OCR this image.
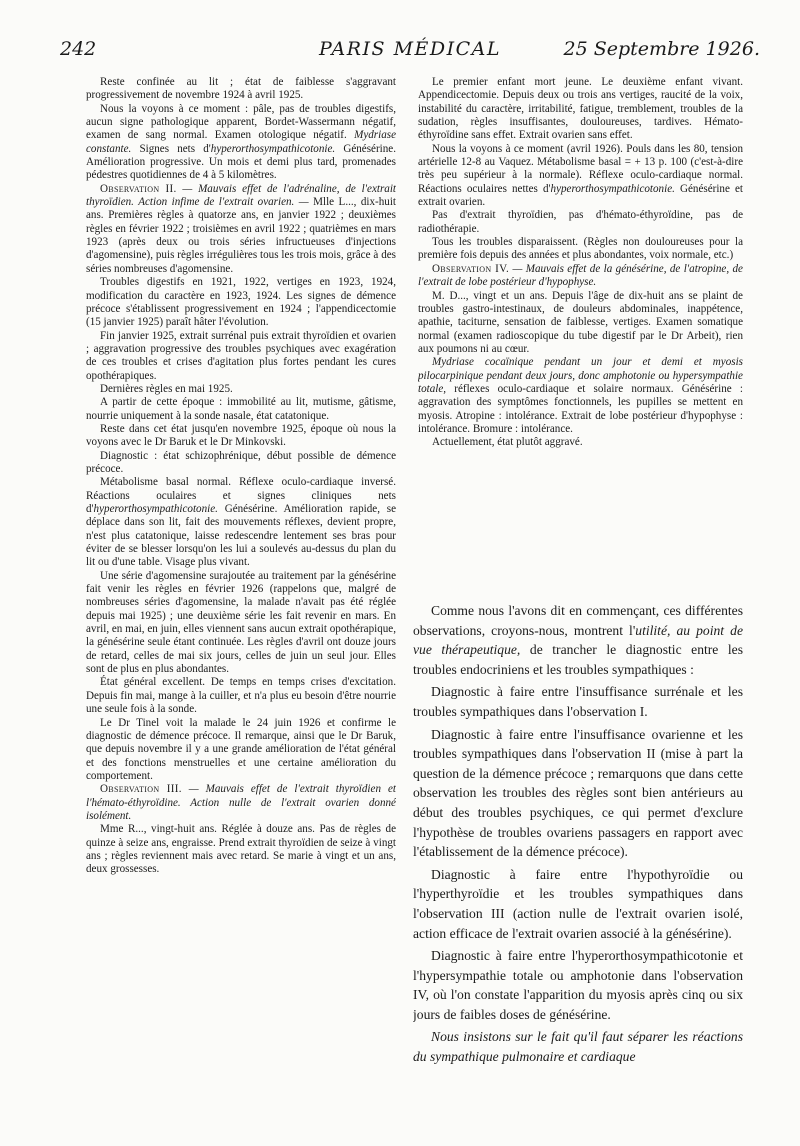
242	PARIS MÉDICAL	25 Septembre 1926.

Reste confinée au lit ; état de faiblesse s'aggravant progressivement de novembre 1924 à avril 1925.

Nous la voyons à ce moment : pâle, pas de troubles digestifs, aucun signe pathologique apparent, Bordet-Wassermann négatif, examen de sang normal. Examen otologique négatif. Mydriase constante. Signes nets d'hyperorthosympathicotonie. Génésérine. Amélioration progressive. Un mois et demi plus tard, promenades pédestres quotidiennes de 4 à 5 kilomètres.

Observation II. — Mauvais effet de l'adrénaline, de l'extrait thyroïdien. Action infime de l'extrait ovarien. — Mlle L..., dix-huit ans. Premières règles à quatorze ans, en janvier 1922 ; deuxièmes règles en février 1922 ; troisièmes en avril 1922 ; quatrièmes en mars 1923 (après deux ou trois séries infructueuses d'injections d'agomensine), puis règles irrégulières tous les trois mois, grâce à des séries nombreuses d'agomensine.

Troubles digestifs en 1921, 1922, vertiges en 1923, 1924, modification du caractère en 1923, 1924. Les signes de démence précoce s'établissent progressivement en 1924 ; l'appendicectomie (15 janvier 1925) paraît hâter l'évolution.

Fin janvier 1925, extrait surrénal puis extrait thyroïdien et ovarien ; aggravation progressive des troubles psychiques avec exagération de ces troubles et crises d'agitation plus fortes pendant les cures opothérapiques.

Dernières règles en mai 1925.

A partir de cette époque : immobilité au lit, mutisme, gâtisme, nourrie uniquement à la sonde nasale, état catatonique.

Reste dans cet état jusqu'en novembre 1925, époque où nous la voyons avec le Dr Baruk et le Dr Minkovski.

Diagnostic : état schizophrénique, début possible de démence précoce.

Métabolisme basal normal. Réflexe oculo-cardiaque inversé. Réactions oculaires et signes cliniques nets d'hyperorthosympathicotonie. Génésérine. Amélioration rapide, se déplace dans son lit, fait des mouvements réflexes, devient propre, n'est plus catatonique, laisse redescendre lentement ses bras pour éviter de se blesser lorsqu'on les lui a soulevés au-dessus du plan du lit ou d'une table. Visage plus vivant.

Une série d'agomensine surajoutée au traitement par la génésérine fait venir les règles en février 1926 (rappelons que, malgré de nombreuses séries d'agomensine, la malade n'avait pas été réglée depuis mai 1925) ; une deuxième série les fait revenir en mars. En avril, en mai, en juin, elles viennent sans aucun extrait opothérapique, la génésérine seule étant continuée. Les règles d'avril ont douze jours de retard, celles de mai six jours, celles de juin un seul jour. Elles sont de plus en plus abondantes.

État général excellent. De temps en temps crises d'excitation. Depuis fin mai, mange à la cuiller, et n'a plus eu besoin d'être nourrie une seule fois à la sonde.

Le Dr Tinel voit la malade le 24 juin 1926 et confirme le diagnostic de démence précoce. Il remarque, ainsi que le Dr Baruk, que depuis novembre il y a une grande amélioration de l'état général et des fonctions menstruelles et une certaine amélioration du comportement.

Observation III. — Mauvais effet de l'extrait thyroïdien et l'hémato-éthyroïdine. Action nulle de l'extrait ovarien donné isolément.

Mme R..., vingt-huit ans. Réglée à douze ans. Pas de règles de quinze à seize ans, engraisse. Prend extrait thyroïdien de seize à vingt ans ; règles reviennent mais avec retard. Se marie à vingt et un ans, deux grossesses.

Le premier enfant mort jeune. Le deuxième enfant vivant. Appendicectomie. Depuis deux ou trois ans vertiges, raucité de la voix, instabilité du caractère, irritabilité, fatigue, tremblement, troubles de la sudation, règles insuffisantes, douloureuses, tardives. Hémato-éthyroïdine sans effet. Extrait ovarien sans effet.

Nous la voyons à ce moment (avril 1926). Pouls dans les 80, tension artérielle 12-8 au Vaquez. Métabolisme basal = + 13 p. 100 (c'est-à-dire très peu supérieur à la normale). Réflexe oculo-cardiaque normal. Réactions oculaires nettes d'hyperorthosympathicotonie. Génésérine et extrait ovarien.

Pas d'extrait thyroïdien, pas d'hémato-éthyroïdine, pas de radiothérapie.

Tous les troubles disparaissent. (Règles non douloureuses pour la première fois depuis des années et plus abondantes, voix normale, etc.)

Observation IV. — Mauvais effet de la génésérine, de l'atropine, de l'extrait de lobe postérieur d'hypophyse.

M. D..., vingt et un ans. Depuis l'âge de dix-huit ans se plaint de troubles gastro-intestinaux, de douleurs abdominales, inappétence, apathie, taciturne, sensation de faiblesse, vertiges. Examen somatique normal (examen radioscopique du tube digestif par le Dr Arbeit), rien aux poumons ni au cœur.

Mydriase cocaïnique pendant un jour et demi et myosis pilocarpinique pendant deux jours, donc amphotonie ou hypersympathie totale, réflexes oculo-cardiaque et solaire normaux. Génésérine : aggravation des symptômes fonctionnels, les pupilles se mettent en myosis. Atropine : intolérance. Extrait de lobe postérieur d'hypophyse : intolérance. Bromure : intolérance.

Actuellement, état plutôt aggravé.

Comme nous l'avons dit en commençant, ces différentes observations, croyons-nous, montrent l'utilité, au point de vue thérapeutique, de trancher le diagnostic entre les troubles endocriniens et les troubles sympathiques :

Diagnostic à faire entre l'insuffisance surrénale et les troubles sympathiques dans l'observation I.

Diagnostic à faire entre l'insuffisance ovarienne et les troubles sympathiques dans l'observation II (mise à part la question de la démence précoce ; remarquons que dans cette observation les troubles des règles sont bien antérieurs au début des troubles psychiques, ce qui permet d'exclure l'hypothèse de troubles ovariens passagers en rapport avec l'établissement de la démence précoce).

Diagnostic à faire entre l'hypothyroïdie ou l'hyperthyroïdie et les troubles sympathiques dans l'observation III (action nulle de l'extrait ovarien isolé, action efficace de l'extrait ovarien associé à la génésérine).

Diagnostic à faire entre l'hyperorthosympathicotonie et l'hypersympathie totale ou amphotonie dans l'observation IV, où l'on constate l'apparition du myosis après cinq ou six jours de faibles doses de génésérine.

Nous insistons sur le fait qu'il faut séparer les réactions du sympathique pulmonaire et cardiaque
